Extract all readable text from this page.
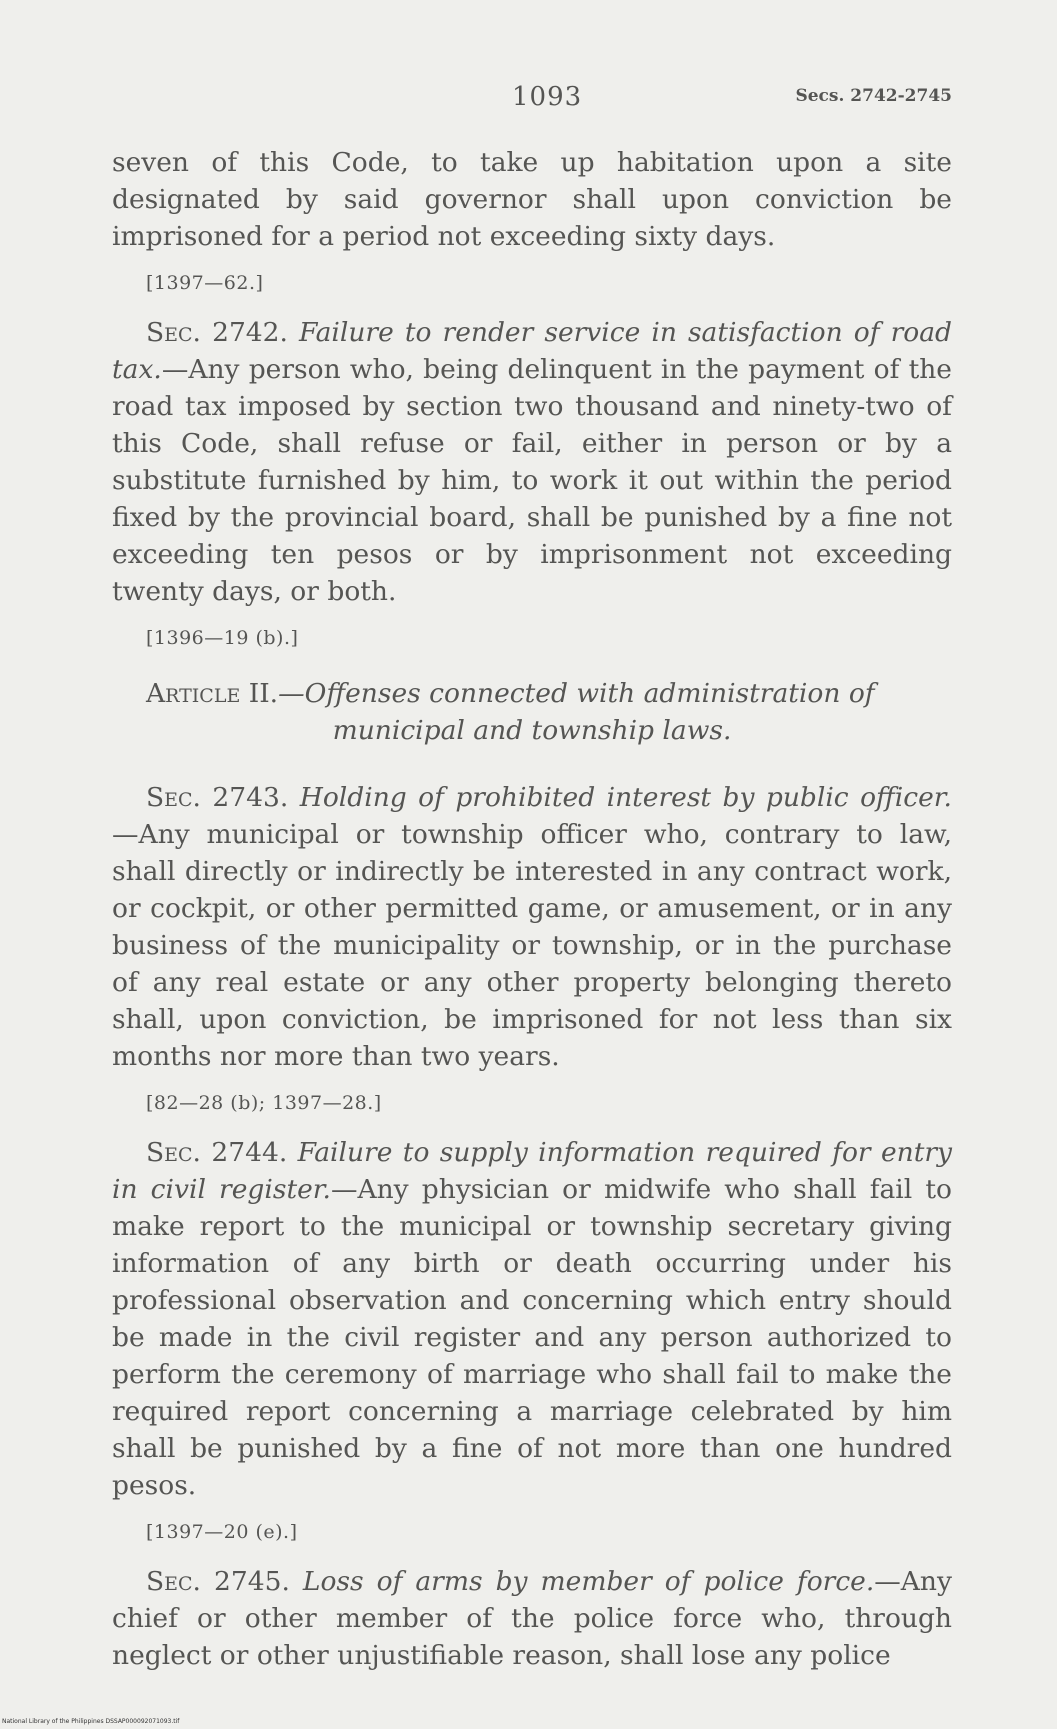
1093	Secs. 2742-2745

seven of this Code, to take up habitation upon a site designated by said governor shall upon conviction be imprisoned for a period not exceeding sixty days.

[1397—62.]

Sec. 2742. Failure to render service in satisfaction of road tax.—Any person who, being delinquent in the payment of the road tax imposed by section two thousand and ninety-two of this Code, shall refuse or fail, either in person or by a substitute furnished by him, to work it out within the period fixed by the provincial board, shall be punished by a fine not exceeding ten pesos or by imprisonment not exceeding twenty days, or both.

[1396—19 (b).]

Article II.—Offenses connected with administration of
municipal and township laws.

Sec. 2743. Holding of prohibited interest by public officer.—Any municipal or township officer who, contrary to law, shall directly or indirectly be interested in any contract work, or cockpit, or other permitted game, or amusement, or in any business of the municipality or township, or in the purchase of any real estate or any other property belonging thereto shall, upon conviction, be imprisoned for not less than six months nor more than two years.

[82—28 (b); 1397—28.]

Sec. 2744. Failure to supply information required for entry in civil register.—Any physician or midwife who shall fail to make report to the municipal or township secretary giving information of any birth or death occurring under his professional observation and concerning which entry should be made in the civil register and any person authorized to perform the ceremony of marriage who shall fail to make the required report concerning a marriage celebrated by him shall be punished by a fine of not more than one hundred pesos.

[1397—20 (e).]

Sec. 2745. Loss of arms by member of police force.—Any chief or other member of the police force who, through neglect or other unjustifiable reason, shall lose any police

National Library of the Philippines DSSAP000092071093.tif
